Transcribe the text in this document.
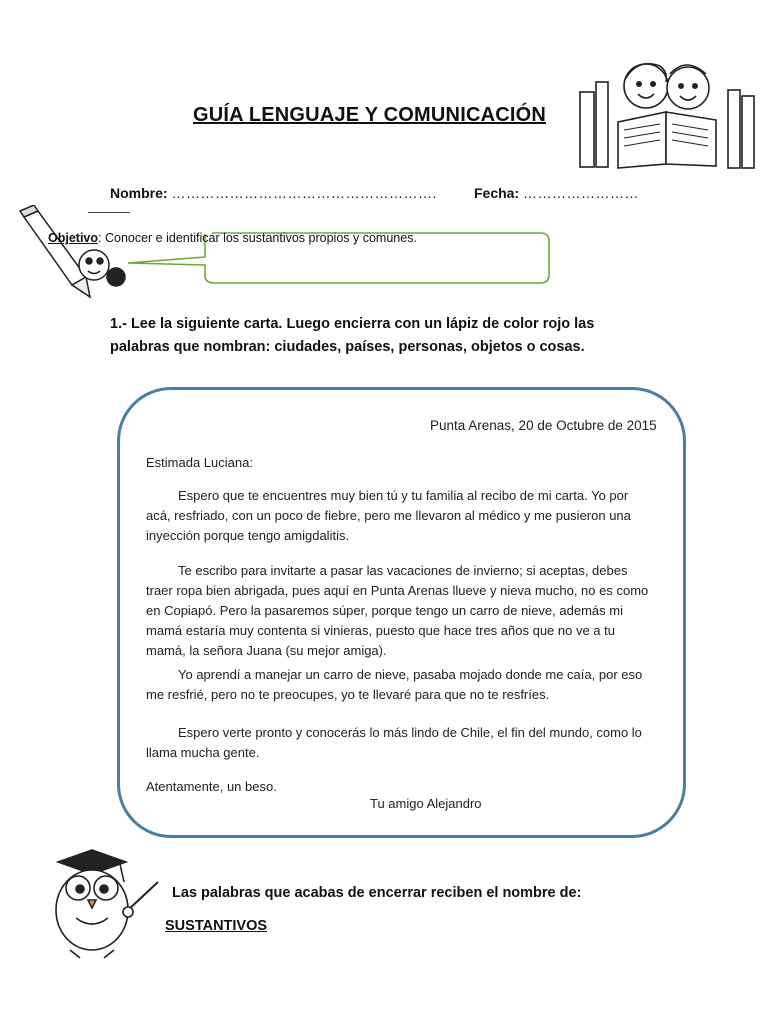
GUÍA LENGUAJE Y COMUNICACIÓN
Nombre: ……………………………………………….	Fecha: ……………………
Objetivo: Conocer e identificar los sustantivos propios y comunes.
1.- Lee la siguiente carta. Luego encierra con un lápiz de color rojo las palabras que nombran: ciudades, países, personas, objetos o cosas.
Punta Arenas, 20 de Octubre de 2015
Estimada Luciana:
Espero que te encuentres muy bien tú y tu familia al recibo de mi carta. Yo por acá, resfriado, con un poco de fiebre, pero me llevaron al médico y me pusieron una inyección porque tengo amigdalitis.
Te escribo para invitarte a pasar las vacaciones de invierno; si aceptas, debes traer ropa bien abrigada, pues aquí en Punta Arenas llueve y nieva mucho, no es como en Copiapó. Pero la pasaremos súper, porque tengo un carro de nieve, además mi mamá estaría muy contenta si vinieras, puesto que hace tres años que no ve a tu mamá, la señora Juana (su mejor amiga).
Yo aprendí a manejar un carro de nieve, pasaba mojado donde me caía, por eso me resfrié, pero no te preocupes, yo te llevaré para que no te resfríes.
Espero verte pronto y conocerás lo más lindo de Chile, el fin del mundo, como lo llama mucha gente.
Atentamente, un beso.
Tu amigo Alejandro
Las palabras que acabas de encerrar reciben el nombre de:
SUSTANTIVOS
